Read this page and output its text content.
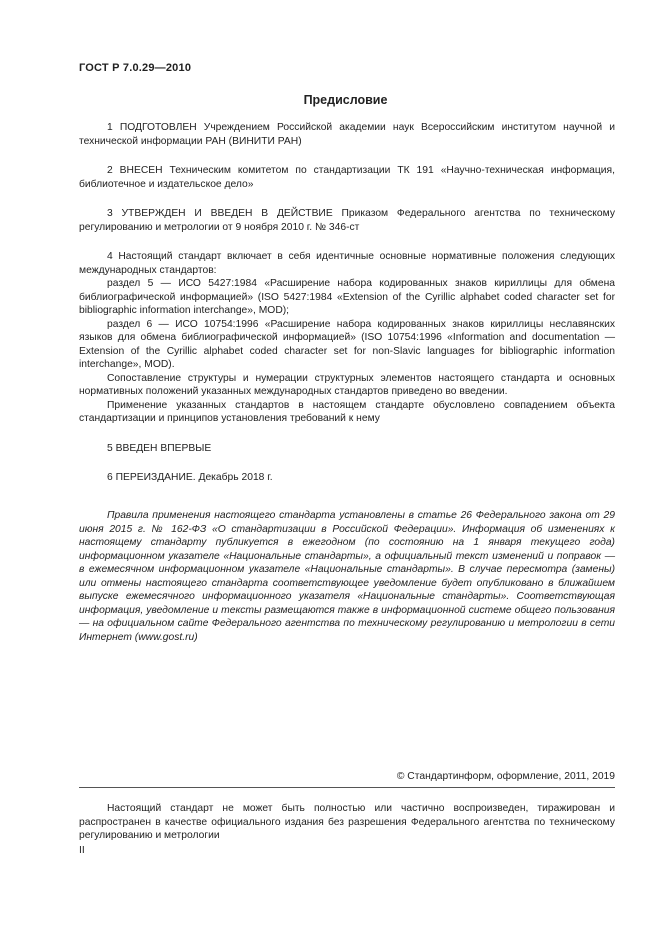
ГОСТ Р 7.0.29—2010
Предисловие

1 ПОДГОТОВЛЕН Учреждением Российской академии наук Всероссийским институтом научной и технической информации РАН (ВИНИТИ РАН)

2 ВНЕСЕН Техническим комитетом по стандартизации ТК 191 «Научно-техническая информация, библиотечное и издательское дело»

3 УТВЕРЖДЕН И ВВЕДЕН В ДЕЙСТВИЕ Приказом Федерального агентства по техническому регулированию и метрологии от 9 ноября 2010 г. № 346-ст

4 Настоящий стандарт включает в себя идентичные основные нормативные положения следующих международных стандартов:

раздел 5 — ИСО 5427:1984 «Расширение набора кодированных знаков кириллицы для обмена библиографической информацией» (ISO 5427:1984 «Extension of the Cyrillic alphabet coded character set for bibliographic information interchange», MOD);

раздел 6 — ИСО 10754:1996 «Расширение набора кодированных знаков кириллицы неславянских языков для обмена библиографической информацией» (ISO 10754:1996 «Information and documentation — Extension of the Cyrillic alphabet coded character set for non-Slavic languages for bibliographic information interchange», MOD).

Сопоставление структуры и нумерации структурных элементов настоящего стандарта и основных нормативных положений указанных международных стандартов приведено во введении.

Применение указанных стандартов в настоящем стандарте обусловлено совпадением объекта стандартизации и принципов установления требований к нему

5 ВВЕДЕН ВПЕРВЫЕ

6 ПЕРЕИЗДАНИЕ. Декабрь 2018 г.

Правила применения настоящего стандарта установлены в статье 26 Федерального закона от 29 июня 2015 г. № 162-ФЗ «О стандартизации в Российской Федерации». Информация об изменениях к настоящему стандарту публикуется в ежегодном (по состоянию на 1 января текущего года) информационном указателе «Национальные стандарты», а официальный текст изменений и поправок — в ежемесячном информационном указателе «Национальные стандарты». В случае пересмотра (замены) или отмены настоящего стандарта соответствующее уведомление будет опубликовано в ближайшем выпуске ежемесячного информационного указателя «Национальные стандарты». Соответствующая информация, уведомление и тексты размещаются также в информационной системе общего пользования — на официальном сайте Федерального агентства по техническому регулированию и метрологии в сети Интернет (www.gost.ru)

© Стандартинформ, оформление, 2011, 2019

Настоящий стандарт не может быть полностью или частично воспроизведен, тиражирован и распространен в качестве официального издания без разрешения Федерального агентства по техническому регулированию и метрологии

II
